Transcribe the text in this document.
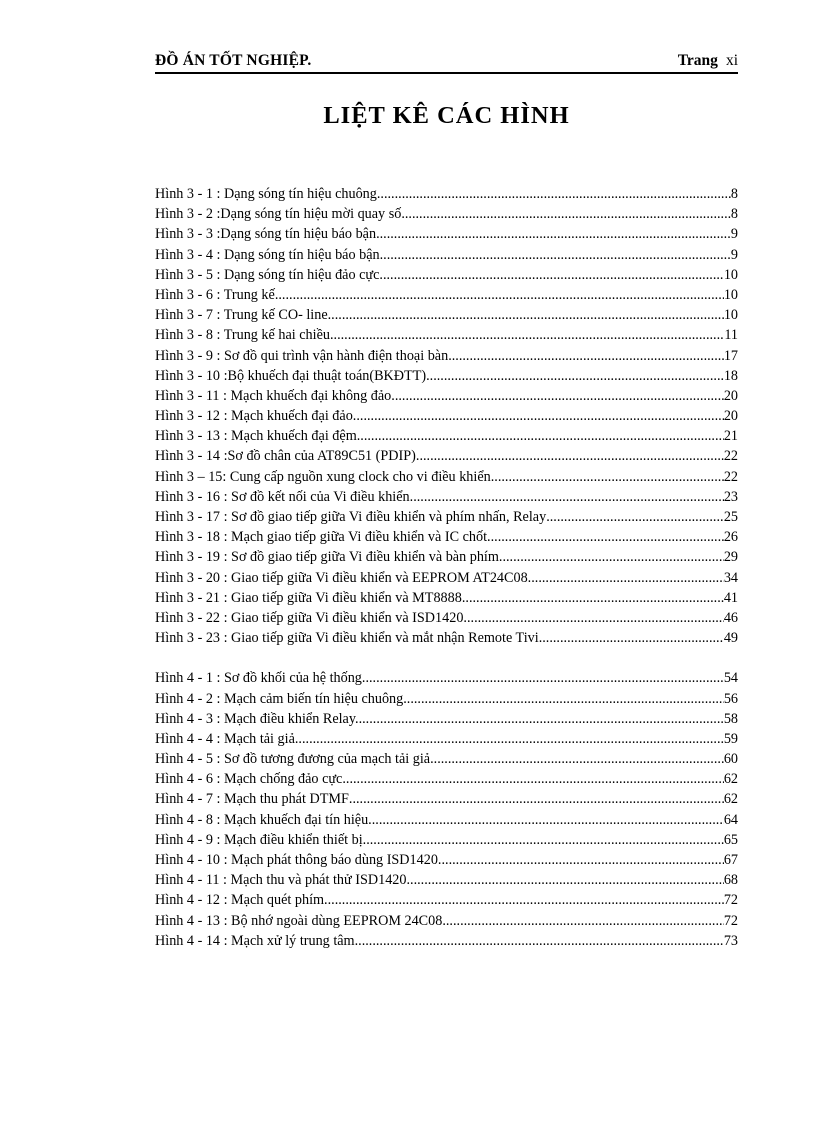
ĐỒ ÁN TỐT NGHIỆP.	Trang xi
LIỆT KÊ CÁC HÌNH
Hình 3 - 1 : Dạng sóng tín hiệu chuông .....	8
Hình 3 - 2 :Dạng sóng tín hiệu mời quay số .....	8
Hình 3 - 3 :Dạng sóng tín hiệu báo bận .....	9
Hình 3 - 4 : Dạng sóng tín hiệu báo bận .....	9
Hình 3 - 5 : Dạng sóng tín hiệu đảo cực .....	10
Hình 3 - 6 : Trung kế .....	10
Hình 3 - 7 : Trung kế CO- line .....	10
Hình 3 - 8 : Trung kế hai chiều .....	11
Hình 3 - 9 : Sơ đồ qui trình vận hành điện thoại bàn .....	17
Hình 3 - 10 :Bộ khuếch đại thuật toán(BKĐTT) .....	18
Hình 3 - 11 : Mạch khuếch đại không đảo .....	20
Hình 3 - 12 : Mạch khuếch đại đảo .....	20
Hình 3 - 13 : Mạch khuếch đại đệm .....	21
Hình 3 - 14 :Sơ đồ chân của AT89C51 (PDIP). .....	22
Hình 3 – 15: Cung cấp nguồn xung clock cho vi điều khiển. .....	22
Hình 3 - 16 : Sơ đồ kết nối của Vi điều khiển .....	23
Hình 3 - 17 : Sơ đồ giao tiếp giữa Vi điều khiển và phím nhấn, Relay .....	25
Hình 3 - 18 : Mạch giao tiếp giữa Vi điều khiển và IC chốt .....	26
Hình 3 - 19 : Sơ đồ giao tiếp giữa Vi điều khiển và bàn phím .....	29
Hình 3 - 20 : Giao tiếp giữa Vi điều khiển và EEPROM AT24C08 .....	34
Hình 3 - 21 : Giao tiếp giữa Vi điều khiển và MT8888 .....	41
Hình 3 - 22 : Giao tiếp giữa Vi điều khiển và ISD1420 .....	46
Hình 3 - 23 : Giao tiếp giữa Vi điều khiển và mắt nhận Remote Tivi .....	49
Hình 4 - 1 : Sơ đồ khối của hệ thống. .....	54
Hình 4 - 2 : Mạch cảm biến tín hiệu chuông .....	56
Hình 4 - 3 : Mạch điều khiển Relay. .....	58
Hình 4 - 4 : Mạch tải giả. .....	59
Hình 4 - 5 : Sơ đồ tương đương của mạch tải giả. .....	60
Hình 4 - 6 : Mạch chống đảo cực. .....	62
Hình 4 - 7 : Mạch thu phát DTMF .....	62
Hình 4 - 8 : Mạch khuếch đại tín hiệu. .....	64
Hình 4 - 9 : Mạch điều khiển thiết bị. .....	65
Hình 4 - 10 : Mạch phát thông báo dùng ISD1420. .....	67
Hình 4 - 11 : Mạch thu và phát thử ISD1420. .....	68
Hình 4 - 12 : Mạch quét phím. .....	72
Hình 4 - 13 : Bộ nhớ ngoài dùng EEPROM 24C08 .....	72
Hình 4 - 14 : Mạch xử lý trung tâm. .....	73
